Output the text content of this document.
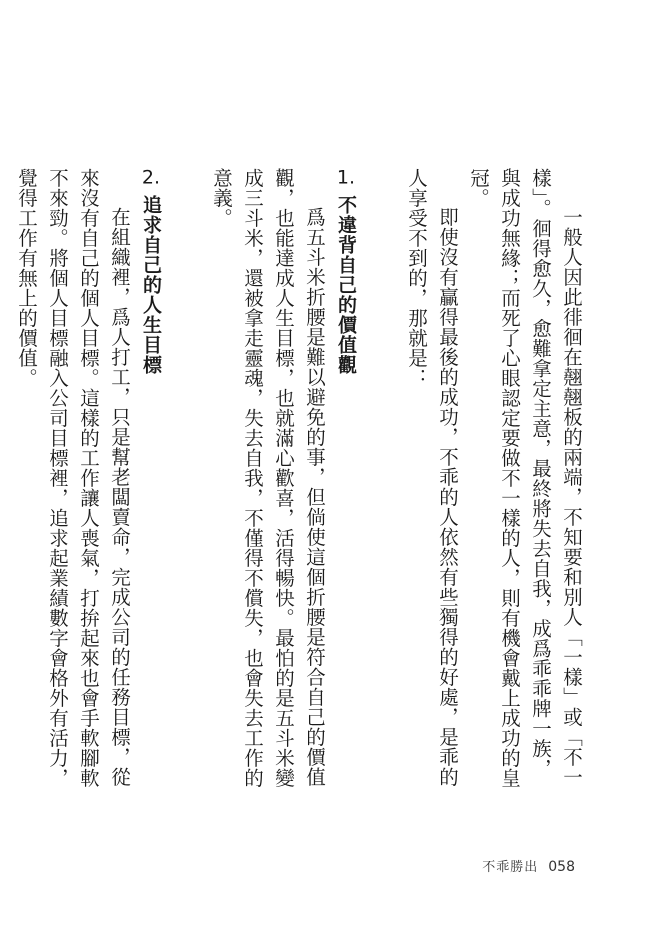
一般人因此徘徊在翹翹板的兩端，不知要和別人「一樣」或「不一樣」。徊得愈久，愈難拿定主意，最終將失去自我，成爲乖乖牌一族，與成功無緣；而死了心眼認定要做不一樣的人，則有機會戴上成功的皇冠。

即使沒有贏得最後的成功，不乖的人依然有些獨得的好處，是乖的人享受不到的，那就是：

1. 不違背自己的價值觀

爲五斗米折腰是難以避免的事，但倘使這個折腰是符合自己的價值觀，也能達成人生目標，也就滿心歡喜，活得暢快。最怕的是五斗米變成三斗米，還被拿走靈魂，失去自我，不僅得不償失，也會失去工作的意義。

2. 追求自己的人生目標

在組織裡，爲人打工，只是幫老闆賣命，完成公司的任務目標，從來沒有自己的個人目標。這樣的工作讓人喪氣，打拚起來也會手軟腳軟不來勁。將個人目標融入公司目標裡，追求起業績數字會格外有活力，覺得工作有無上的價值。

不乖勝出 058
